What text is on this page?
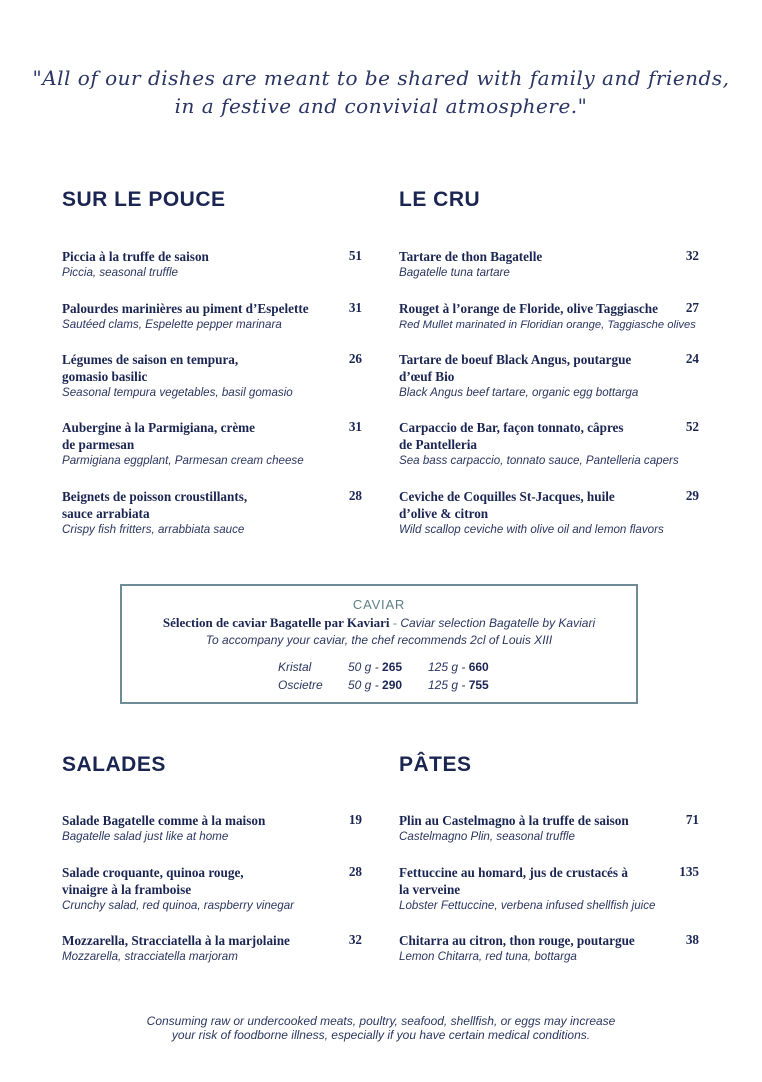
"All of our dishes are meant to be shared with family and friends,
in a festive and convivial atmosphere."
SUR LE POUCE
Piccia à la truffe de saison	51
Piccia, seasonal truffle
Palourdes marinières au piment d’Espelette	31
Sautéed clams, Espelette pepper marinara
Légumes de saison en tempura, gomasio basilic
26
Seasonal tempura vegetables, basil gomasio
Aubergine à la Parmigiana, crème de parmesan
31
Parmigiana eggplant, Parmesan cream cheese
Beignets de poisson croustillants, sauce arrabiata
28
Crispy fish fritters, arrabbiata sauce
LE CRU
Tartare de thon Bagatelle	32
Bagatelle tuna tartare
Rouget à l’orange de Floride, olive Taggiasche	27
Red Mullet marinated in Floridian orange, Taggiasche olives
Tartare de boeuf Black Angus, poutargue d’œuf Bio
24
Black Angus beef tartare, organic egg bottarga
Carpaccio de Bar, façon tonnato, câpres de Pantelleria
52
Sea bass carpaccio, tonnato sauce, Pantelleria capers
Ceviche de Coquilles St-Jacques, huile d’olive & citron
29
Wild scallop ceviche with olive oil and lemon flavors
CAVIAR
Sélection de caviar Bagatelle par Kaviari - Caviar selection Bagatelle by Kaviari
To accompany your caviar, the chef recommends 2cl of Louis XIII
Kristal	50 g - 265 125 g - 660
Oscietre 50 g - 290 125 g - 755
SALADES
Salade Bagatelle comme à la maison	19
Bagatelle salad just like at home
Salade croquante, quinoa rouge, vinaigre à la framboise
28
Crunchy salad, red quinoa, raspberry vinegar
Mozzarella, Stracciatella à la marjolaine	32
Mozzarella, stracciatella marjoram
PÂTES
Plin au Castelmagno à la truffe de saison	71
Castelmagno Plin, seasonal truffle
Fettuccine au homard, jus de crustacés à la verveine
135
Lobster Fettuccine, verbena infused shellfish juice
Chitarra au citron, thon rouge, poutargue	38
Lemon Chitarra, red tuna, bottarga
Consuming raw or undercooked meats, poultry, seafood, shellfish, or eggs may increase
your risk of foodborne illness, especially if you have certain medical conditions.
